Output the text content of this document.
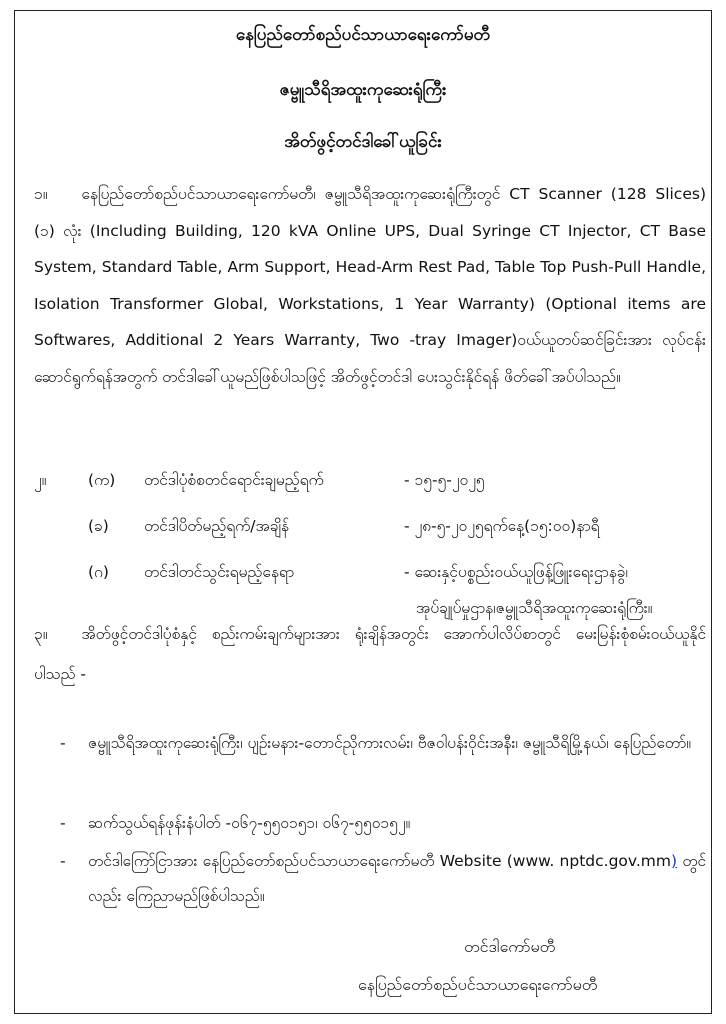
နေပြည်တော်စည်ပင်သာယာရေးကော်မတီ
ဇမ္ဗူသီရိအထူးကုဆေးရုံကြီး
အိတ်ဖွင့်တင်ဒါခေါ်ယူခြင်း
၁။ နေပြည်တော်စည်ပင်သာယာရေးကော်မတီ၊ ဇမ္ဗူသီရိအထူးကုဆေးရုံကြီးတွင် CT Scanner (128 Slices) (၁) လုံး (Including Building, 120 kVA Online UPS, Dual Syringe CT Injector, CT Base System, Standard Table, Arm Support, Head-Arm Rest Pad, Table Top Push-Pull Handle, Isolation Transformer Global, Workstations, 1 Year Warranty) (Optional items are Softwares, Additional 2 Years Warranty, Two -tray Imager)ဝယ်ယူတပ်ဆင်ခြင်းအား လုပ်ငန်းဆောင်ရွက်ရန်အတွက် တင်ဒါခေါ်ယူမည်ဖြစ်ပါသဖြင့် အိတ်ဖွင့်တင်ဒါ ပေးသွင်းနိုင်ရန် ဖိတ်ခေါ်အပ်ပါသည်။
၂။	(က) တင်ဒါပုံစံစတင်ရောင်းချမည့်ရက်	- ၁၅-၅-၂၀၂၅
(ခ) တင်ဒါပိတ်မည့်ရက်/အချိန်	- ၂၈-၅-၂၀၂၅ရက်နေ့(၁၅:၀၀)နာရီ
(ဂ) တင်ဒါတင်သွင်းရမည့်နေရာ	- ဆေးနှင့်ပစ္စည်းဝယ်ယူဖြန့်ဖြူးရေးဌာနခွဲ၊
အုပ်ချုပ်မှုဌာန၊ဇမ္ဗူသီရိအထူးကုဆေးရုံကြီး။
၃။ အိတ်ဖွင့်တင်ဒါပုံစံနှင့် စည်းကမ်းချက်များအား ရုံးချိန်အတွင်း အောက်ပါလိပ်စာတွင် မေးမြန်းစုံစမ်းဝယ်ယူနိုင်ပါသည် -
- ဇမ္ဗူသီရိအထူးကုဆေးရုံကြီး၊ ပျဉ်းမနား-တောင်ညိုကားလမ်း၊ ဗီဇဝါပန်းဝိုင်းအနီး၊ ဇမ္ဗူသီရိမြို့နယ်၊ နေပြည်တော်။
- ဆက်သွယ်ရန်ဖုန်းနံပါတ် -၀၆၇-၅၅၀၁၅၁၊ ၀၆၇-၅၅၀၁၅၂။
- တင်ဒါကြော်ငြာအား နေပြည်တော်စည်ပင်သာယာရေးကော်မတီ Website (www. nptdc.gov.mm) တွင်လည်း ကြေညာမည်ဖြစ်ပါသည်။
တင်ဒါကော်မတီ
နေပြည်တော်စည်ပင်သာယာရေးကော်မတီ
